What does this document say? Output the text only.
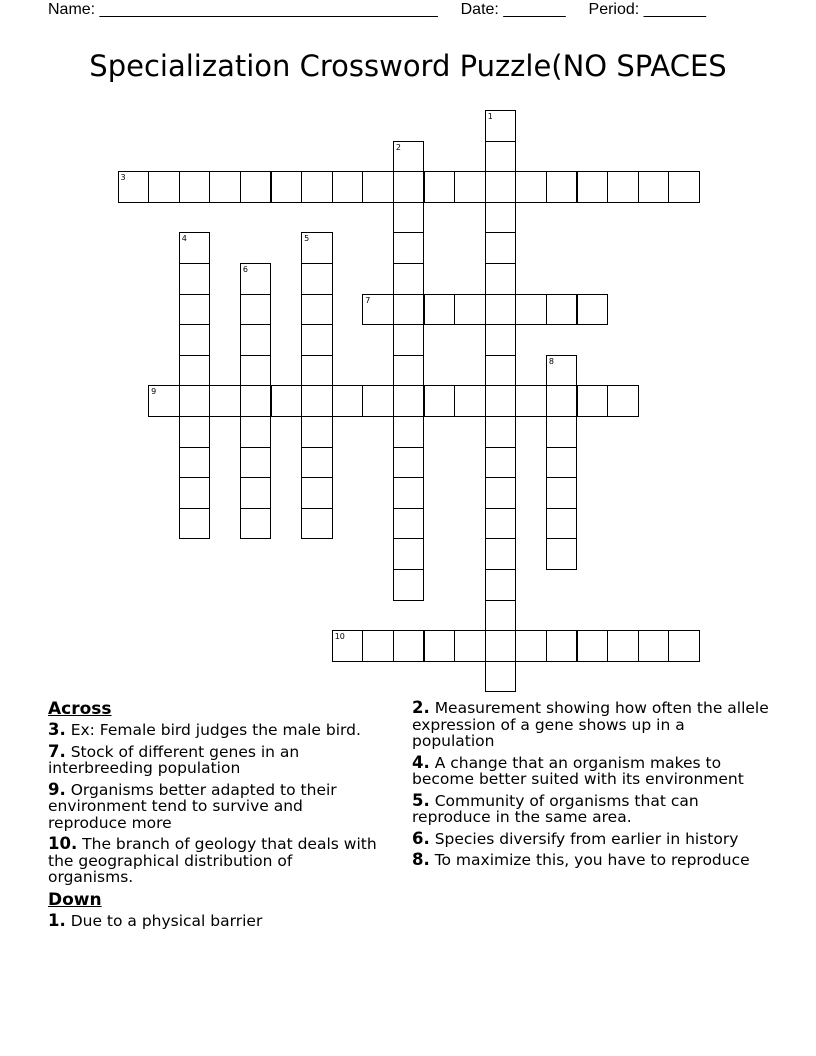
Name: ______________________________________ Date: _______ Period: _______
Specialization Crossword Puzzle(NO SPACES
1
2
3
4	5
6
7
8
9
10
Across

3. Ex: Female bird judges the male bird.

7. Stock of different genes in an interbreeding population

9. Organisms better adapted to their environment tend to survive and reproduce more

10. The branch of geology that deals with the geographical distribution of organisms.

Down

1. Due to a physical barrier

2. Measurement showing how often the allele expression of a gene shows up in a population

4. A change that an organism makes to become better suited with its environment

5. Community of organisms that can reproduce in the same area.

6. Species diversify from earlier in history

8. To maximize this, you have to reproduce
